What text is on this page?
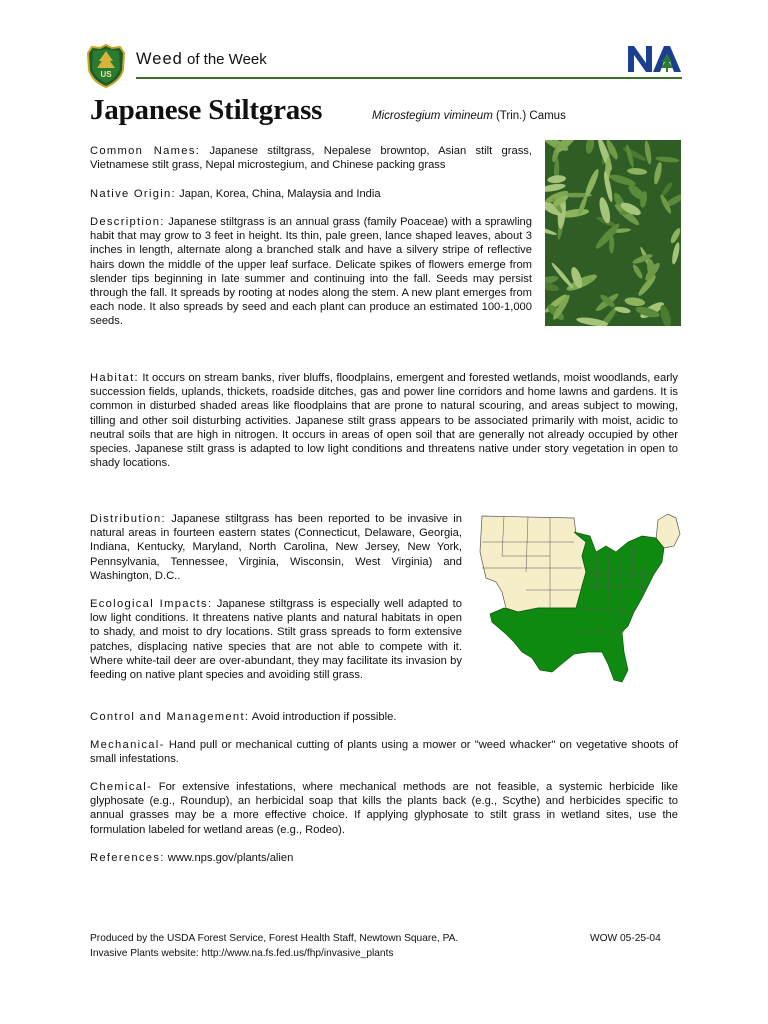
US
Weed of the Week
NA
Japanese Stiltgrass	Microstegium vimineum (Trin.) Camus
Common Names: Japanese stiltgrass, Nepalese browntop, Asian stilt grass, Vietnamese stilt grass, Nepal microstegium, and Chinese packing grass
Native Origin: Japan, Korea, China, Malaysia and India
Description: Japanese stiltgrass is an annual grass (family Poaceae) with a sprawling habit that may grow to 3 feet in height. Its thin, pale green, lance shaped leaves, about 3 inches in length, alternate along a branched stalk and have a silvery stripe of reflective hairs down the middle of the upper leaf surface. Delicate spikes of flowers emerge from slender tips beginning in late summer and continuing into the fall. Seeds may persist through the fall. It spreads by rooting at nodes along the stem. A new plant emerges from each node. It also spreads by seed and each plant can produce an estimated 100-1,000 seeds.
Habitat: It occurs on stream banks, river bluffs, floodplains, emergent and forested wetlands, moist woodlands, early succession fields, uplands, thickets, roadside ditches, gas and power line corridors and home lawns and gardens. It is common in disturbed shaded areas like floodplains that are prone to natural scouring, and areas subject to mowing, tilling and other soil disturbing activities. Japanese stilt grass appears to be associated primarily with moist, acidic to neutral soils that are high in nitrogen. It occurs in areas of open soil that are generally not already occupied by other species. Japanese stilt grass is adapted to low light conditions and threatens native under story vegetation in open to shady locations.
Distribution: Japanese stiltgrass has been reported to be invasive in natural areas in fourteen eastern states (Connecticut, Delaware, Georgia, Indiana, Kentucky, Maryland, North Carolina, New Jersey, New York, Pennsylvania, Tennessee, Virginia, Wisconsin, West Virginia) and Washington, D.C..
Ecological Impacts: Japanese stiltgrass is especially well adapted to low light conditions. It threatens native plants and natural habitats in open to shady, and moist to dry locations. Stilt grass spreads to form extensive patches, displacing native species that are not able to compete with it. Where white-tail deer are over-abundant, they may facilitate its invasion by feeding on native plant species and avoiding still grass.
Control and Management: Avoid introduction if possible.
Mechanical- Hand pull or mechanical cutting of plants using a mower or "weed whacker" on vegetative shoots of small infestations.
Chemical- For extensive infestations, where mechanical methods are not feasible, a systemic herbicide like glyphosate (e.g., Roundup), an herbicidal soap that kills the plants back (e.g., Scythe) and herbicides specific to annual grasses may be a more effective choice. If applying glyphosate to stilt grass in wetland sites, use the formulation labeled for wetland areas (e.g., Rodeo).
References: www.nps.gov/plants/alien
Produced by the USDA Forest Service, Forest Health Staff, Newtown Square, PA.	WOW 05-25-04
Invasive Plants website: http://www.na.fs.fed.us/fhp/invasive_plants
